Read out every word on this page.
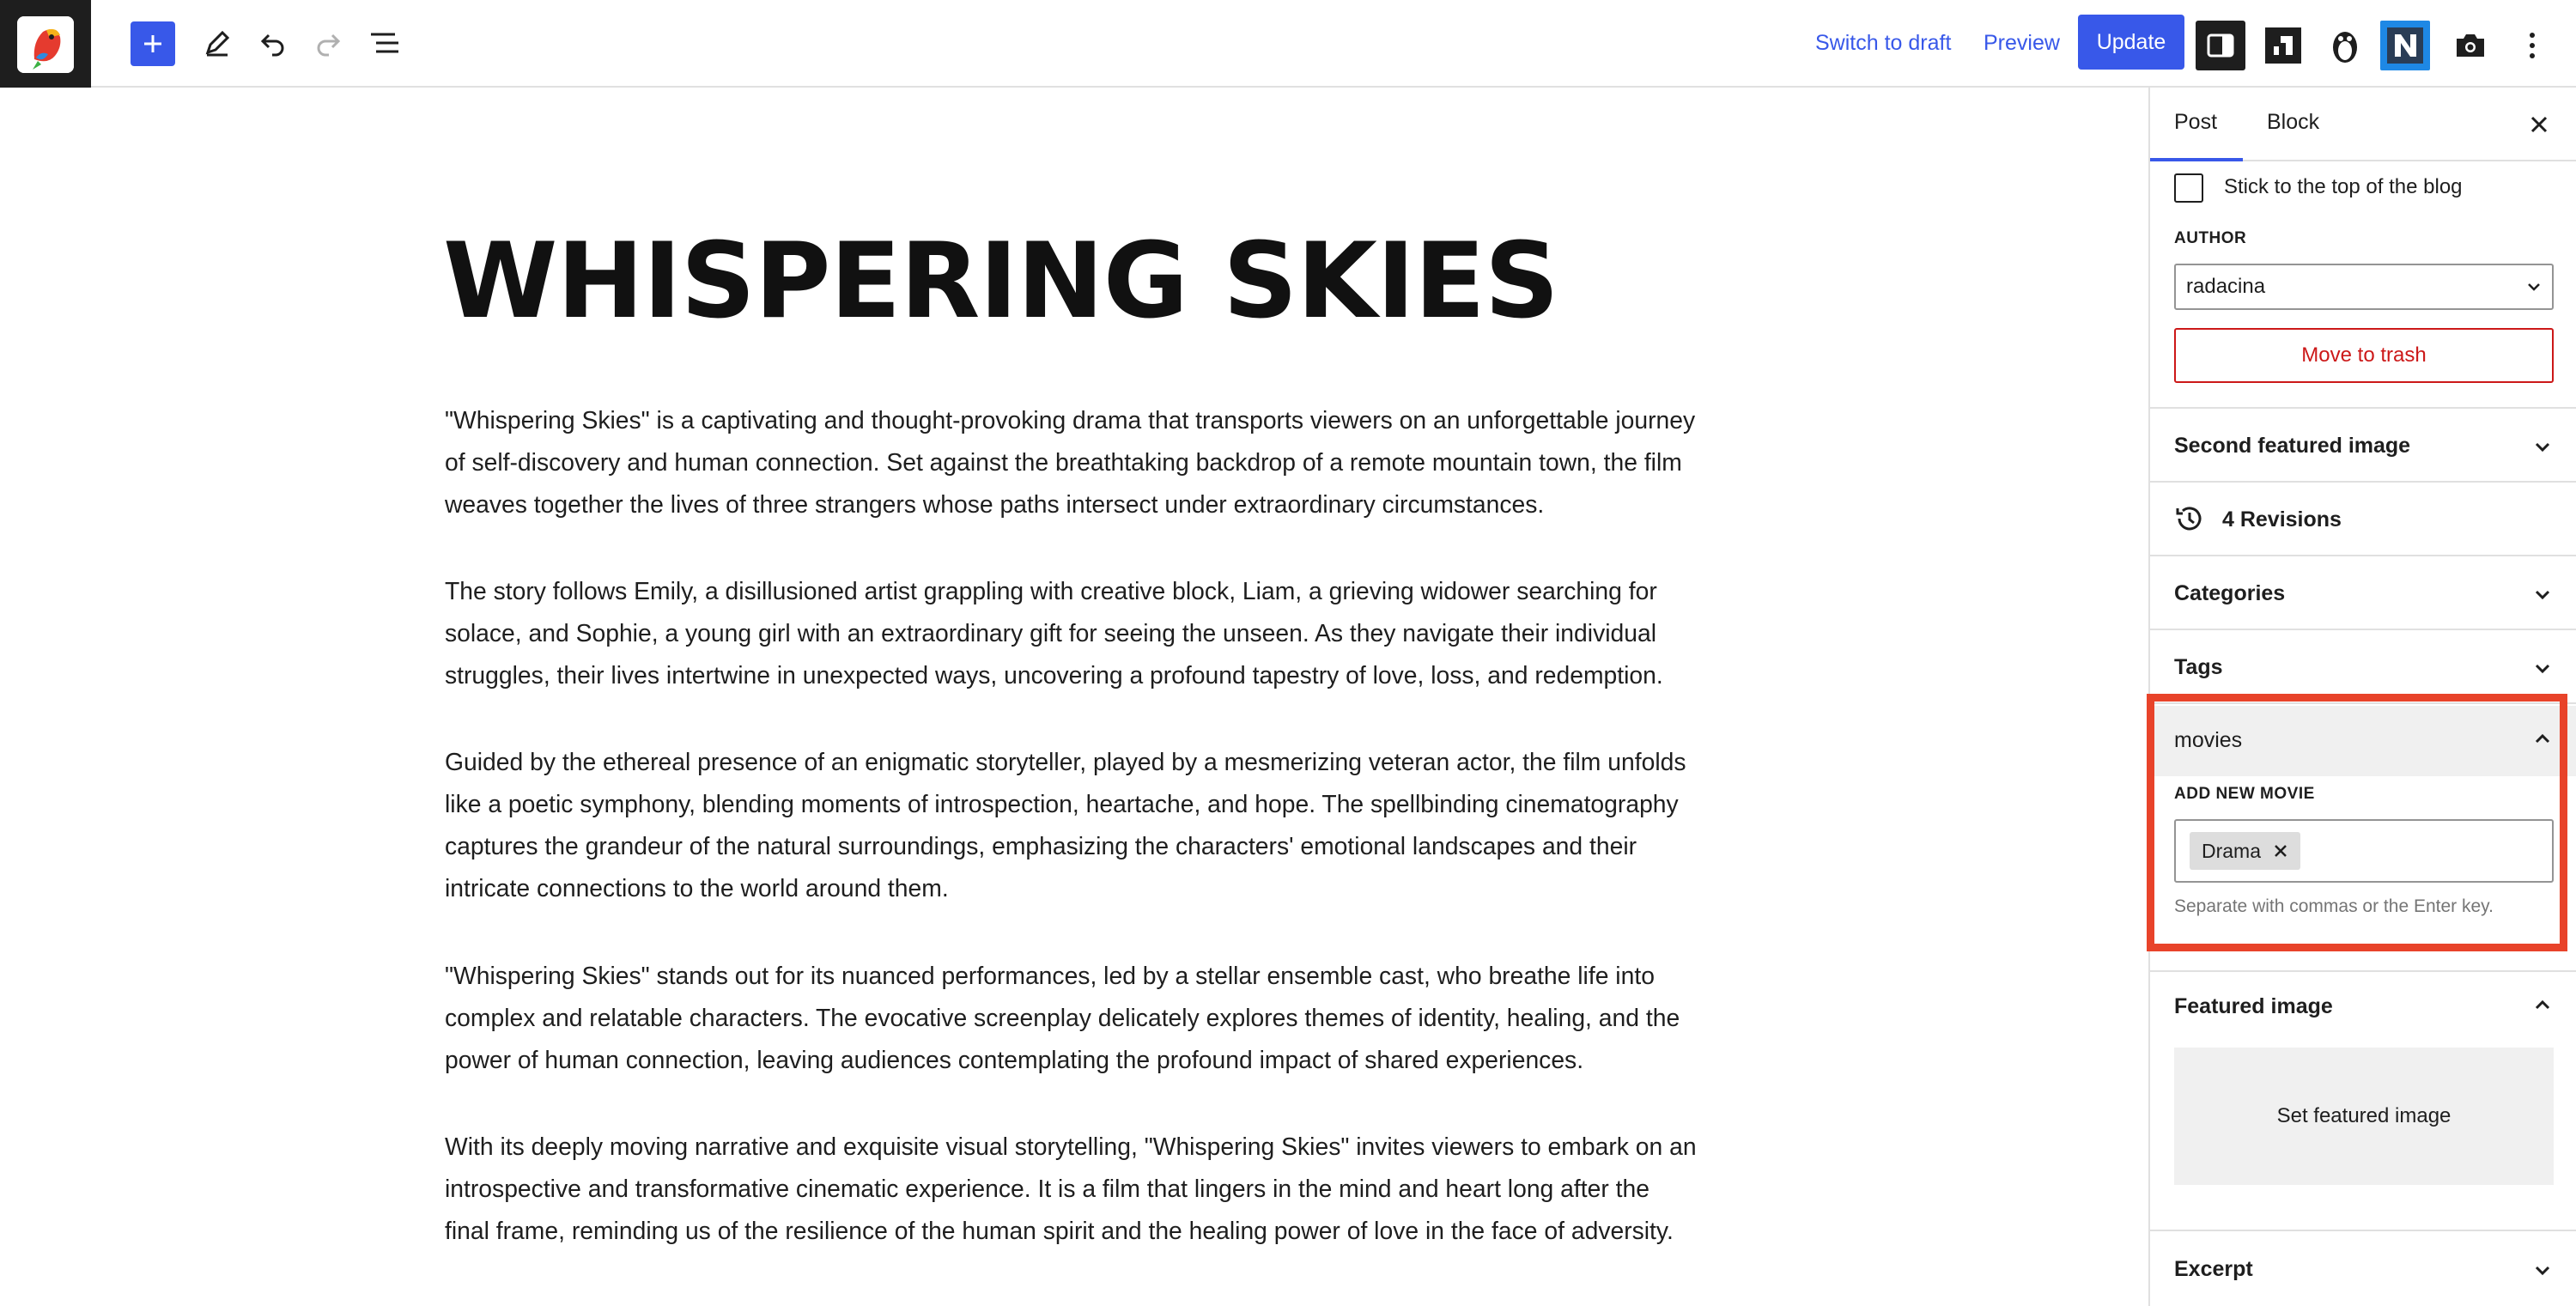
Switch to draft Preview	Update
WHISPERING SKIES

"Whispering Skies" is a captivating and thought-provoking drama that transports viewers on an unforgettable journey of self-discovery and human connection. Set against the breathtaking backdrop of a remote mountain town, the film weaves together the lives of three strangers whose paths intersect under extraordinary circumstances.

The story follows Emily, a disillusioned artist grappling with creative block, Liam, a grieving widower searching for solace, and Sophie, a young girl with an extraordinary gift for seeing the unseen. As they navigate their individual struggles, their lives intertwine in unexpected ways, uncovering a profound tapestry of love, loss, and redemption.

Guided by the ethereal presence of an enigmatic storyteller, played by a mesmerizing veteran actor, the film unfolds like a poetic symphony, blending moments of introspection, heartache, and hope. The spellbinding cinematography captures the grandeur of the natural surroundings, emphasizing the characters' emotional landscapes and their intricate connections to the world around them.

"Whispering Skies" stands out for its nuanced performances, led by a stellar ensemble cast, who breathe life into complex and relatable characters. The evocative screenplay delicately explores themes of identity, healing, and the power of human connection, leaving audiences contemplating the profound impact of shared experiences.

With its deeply moving narrative and exquisite visual storytelling, "Whispering Skies" invites viewers to embark on an introspective and transformative cinematic experience. It is a film that lingers in the mind and heart long after the final frame, reminding us of the resilience of the human spirit and the healing power of love in the face of adversity.

Post Block
Stick to the top of the blog
AUTHOR
radacina
Move to trash
Second featured image
4 Revisions
Categories
Tags
movies
ADD NEW MOVIE
Drama
Separate with commas or the Enter key.
Featured image
Set featured image
Excerpt
